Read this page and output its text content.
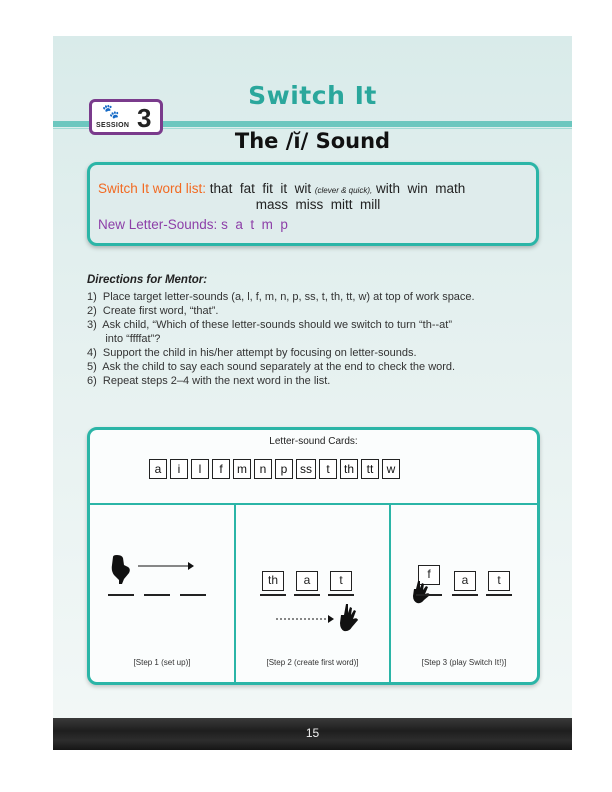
🐾
SESSION 3
Switch It
The /ĭ/ Sound
Switch It word list: that  fat  fit  it  wit (clever & quick), with  win  math
mass  miss  mitt  mill
New Letter-Sounds: s  a  t  m  p
Directions for Mentor:
1)  Place target letter-sounds (a, l, f, m, n, p, ss, t, th, tt, w) at top of work space.
2)  Create first word, “that”.
3)  Ask child, “Which of these letter-sounds should we switch to turn “th--at”
into “ffffat”?
4)  Support the child in his/her attempt by focusing on letter-sounds.
5)  Ask the child to say each sound separately at the end to check the word.
6)  Repeat steps 2–4 with the next word in the list.
Letter-sound Cards:
a	i	l	f	m	n	p	ss	t	th	tt	w
[Step 1 (set up)]
th	a	t
[Step 2 (create first word)]
f	a	t
[Step 3 (play Switch It!)]
15
